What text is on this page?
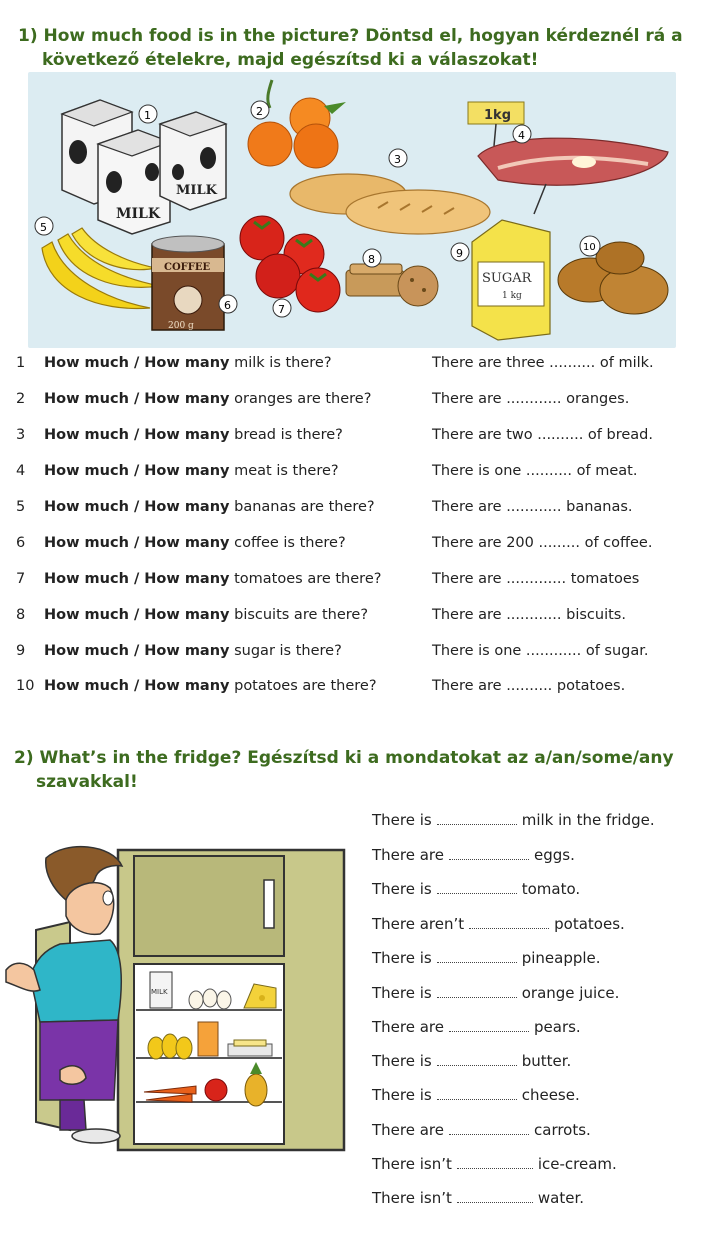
1) How much food is in the picture? Döntsd el, hogyan kérdeznél rá a
következő ételekre, majd egészítsd ki a válaszokat!
MILK
MILK
1kg
COFFEE
200 g
SUGAR
1 kg
1	2
3
4
5
6	7
8	9	10
1	How much / How many milk is there?	There are three .......... of milk.
2	How much / How many oranges are there?	There are ............ oranges.
3	How much / How many bread is there?	There are two .......... of bread.
4	How much / How many meat is there?	There is one .......... of meat.
5	How much / How many bananas are there?	There are ............ bananas.
6	How much / How many coffee is there?	There are 200 ......... of coffee.
7	How much / How many tomatoes are there?	There are ............. tomatoes
8	How much / How many biscuits are there?	There are ............ biscuits.
9	How much / How many sugar is there?	There is one ............ of sugar.
10 How much / How many potatoes are there?	There are .......... potatoes.
2) What’s in the fridge? Egészítsd ki a mondatokat az a/an/some/any
szavakkal!
MILK
There is	milk in the fridge.
There are	eggs.
There is	tomato.
There aren’t	potatoes.
There is	pineapple.
There is	orange juice.
There are	pears.
There is	butter.
There is	cheese.
There are	carrots.
There isn’t	ice-cream.
There isn’t	water.
